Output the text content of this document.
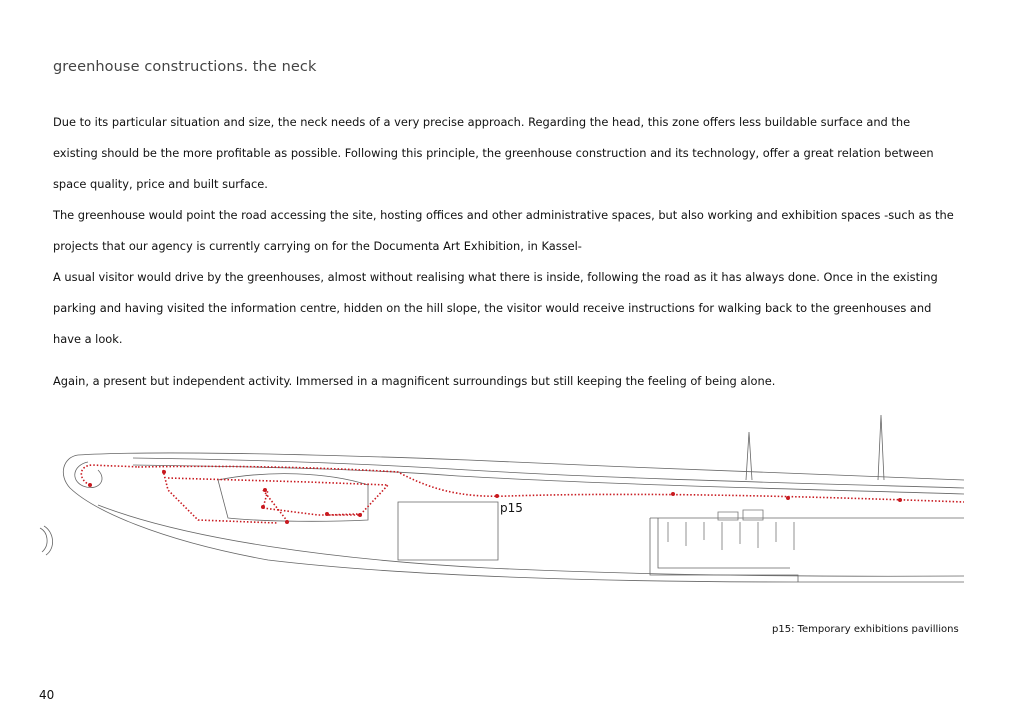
greenhouse constructions. the neck

Due to its particular situation and size, the neck needs of a very precise approach. Regarding the head, this zone offers less buildable surface and the existing should be the more profitable as possible. Following this principle, the greenhouse construction and its technology, offer a great relation between space quality, price and built surface.

The greenhouse would point the road accessing the site, hosting offices and other administrative spaces, but also working and exhibition spaces -such as the projects that our agency is currently carrying on for the Documenta Art Exhibition, in Kassel-

A usual visitor would drive by the greenhouses, almost without realising what there is inside, following the road as it has always done. Once in the existing parking and having visited the information centre, hidden on the hill slope, the visitor would receive instructions for walking back to the greenhouses and have a look.

Again, a present but independent activity. Immersed in a magnificent surroundings but still keeping the feeling of being alone.

p15
p15: Temporary exhibitions pavillions
40
